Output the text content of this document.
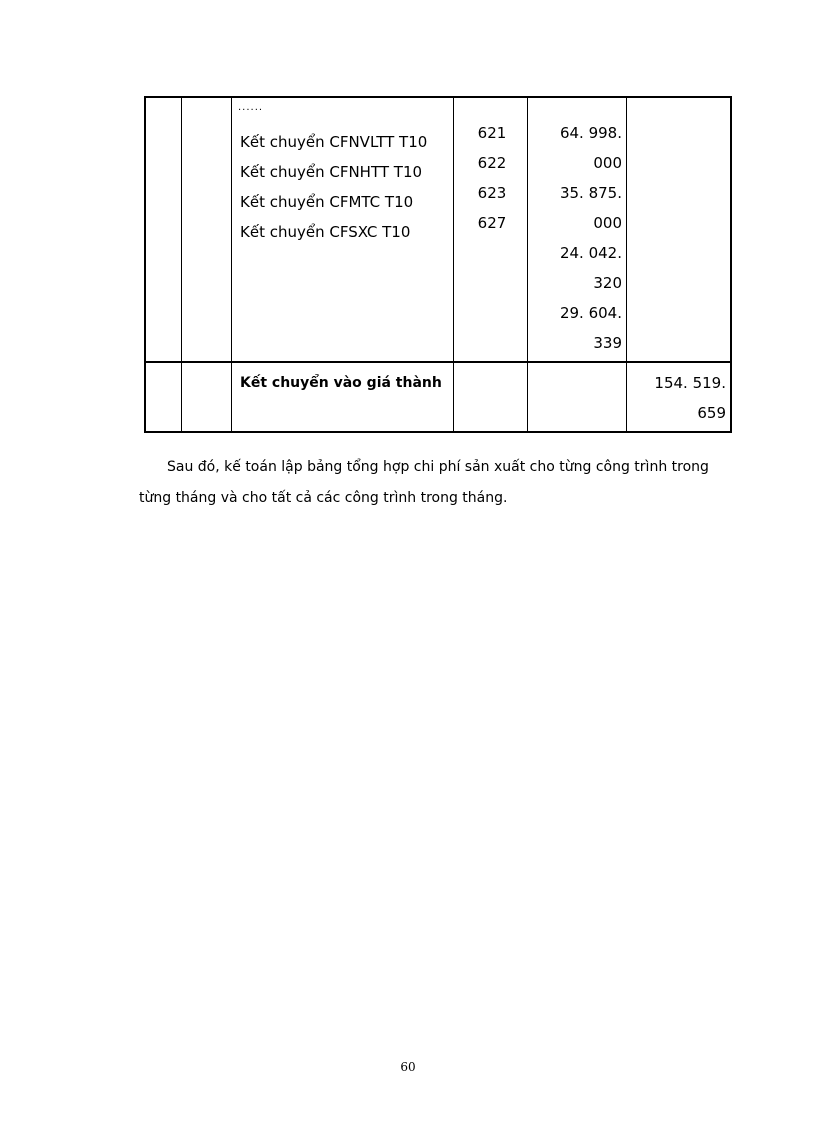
......
Kết chuyển CFNVLTT T10
Kết chuyển CFNHTT T10
Kết chuyển CFMTC T10
Kết chuyển CFSXC T10
621
622
623
627
64. 998.
000
35. 875.
000
24. 042.
320
29. 604.
339
Kết chuyển vào giá thành	154. 519.
659
Sau đó, kế toán lập bảng tổng hợp chi phí sản xuất cho từng công trình trong
từng tháng và cho tất cả các công trình trong tháng.
60
